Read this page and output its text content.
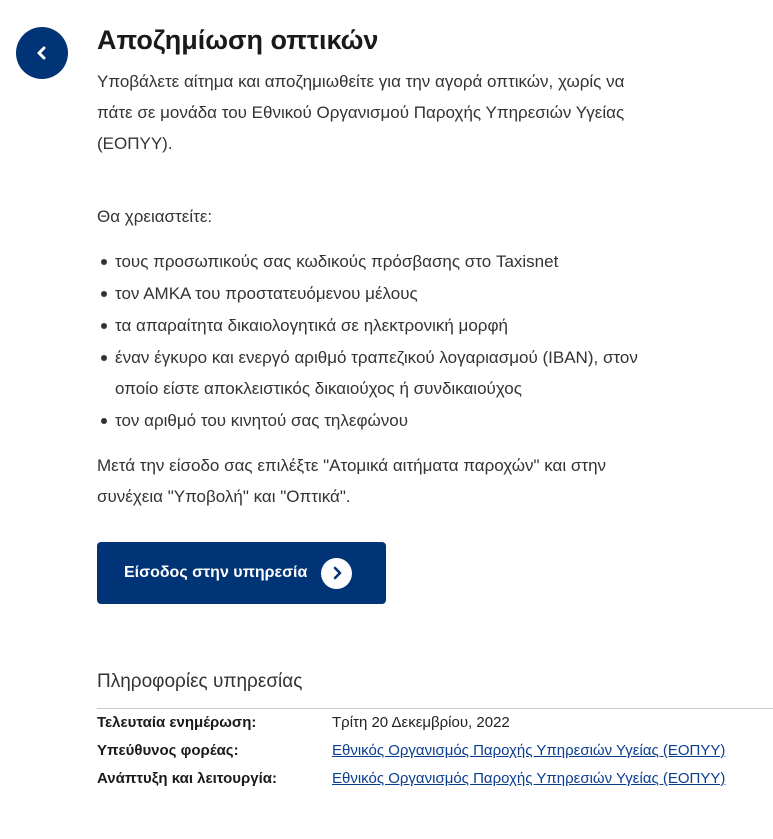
Αποζημίωση οπτικών

Υποβάλετε αίτημα και αποζημιωθείτε για την αγορά οπτικών, χωρίς να πάτε σε μονάδα του Εθνικού Οργανισμού Παροχής Υπηρεσιών Υγείας (ΕΟΠΥΥ).

Θα χρειαστείτε:

τους προσωπικούς σας κωδικούς πρόσβασης στο Taxisnet
τον ΑΜΚΑ του προστατευόμενου μέλους
τα απαραίτητα δικαιολογητικά σε ηλεκτρονική μορφή
έναν έγκυρο και ενεργό αριθμό τραπεζικού λογαριασμού (IBAN), στον οποίο είστε αποκλειστικός δικαιούχος ή συνδικαιούχος
τον αριθμό του κινητού σας τηλεφώνου

Μετά την είσοδο σας επιλέξτε "Ατομικά αιτήματα παροχών" και στην συνέχεια "Υποβολή" και "Οπτικά".

Είσοδος στην υπηρεσία
Πληροφορίες υπηρεσίας
Τελευταία ενημέρωση:	Τρίτη 20 Δεκεμβρίου, 2022
Υπεύθυνος φορέας:	Εθνικός Οργανισμός Παροχής Υπηρεσιών Υγείας (ΕΟΠΥΥ)
Ανάπτυξη και λειτουργία:	Εθνικός Οργανισμός Παροχής Υπηρεσιών Υγείας (ΕΟΠΥΥ)
